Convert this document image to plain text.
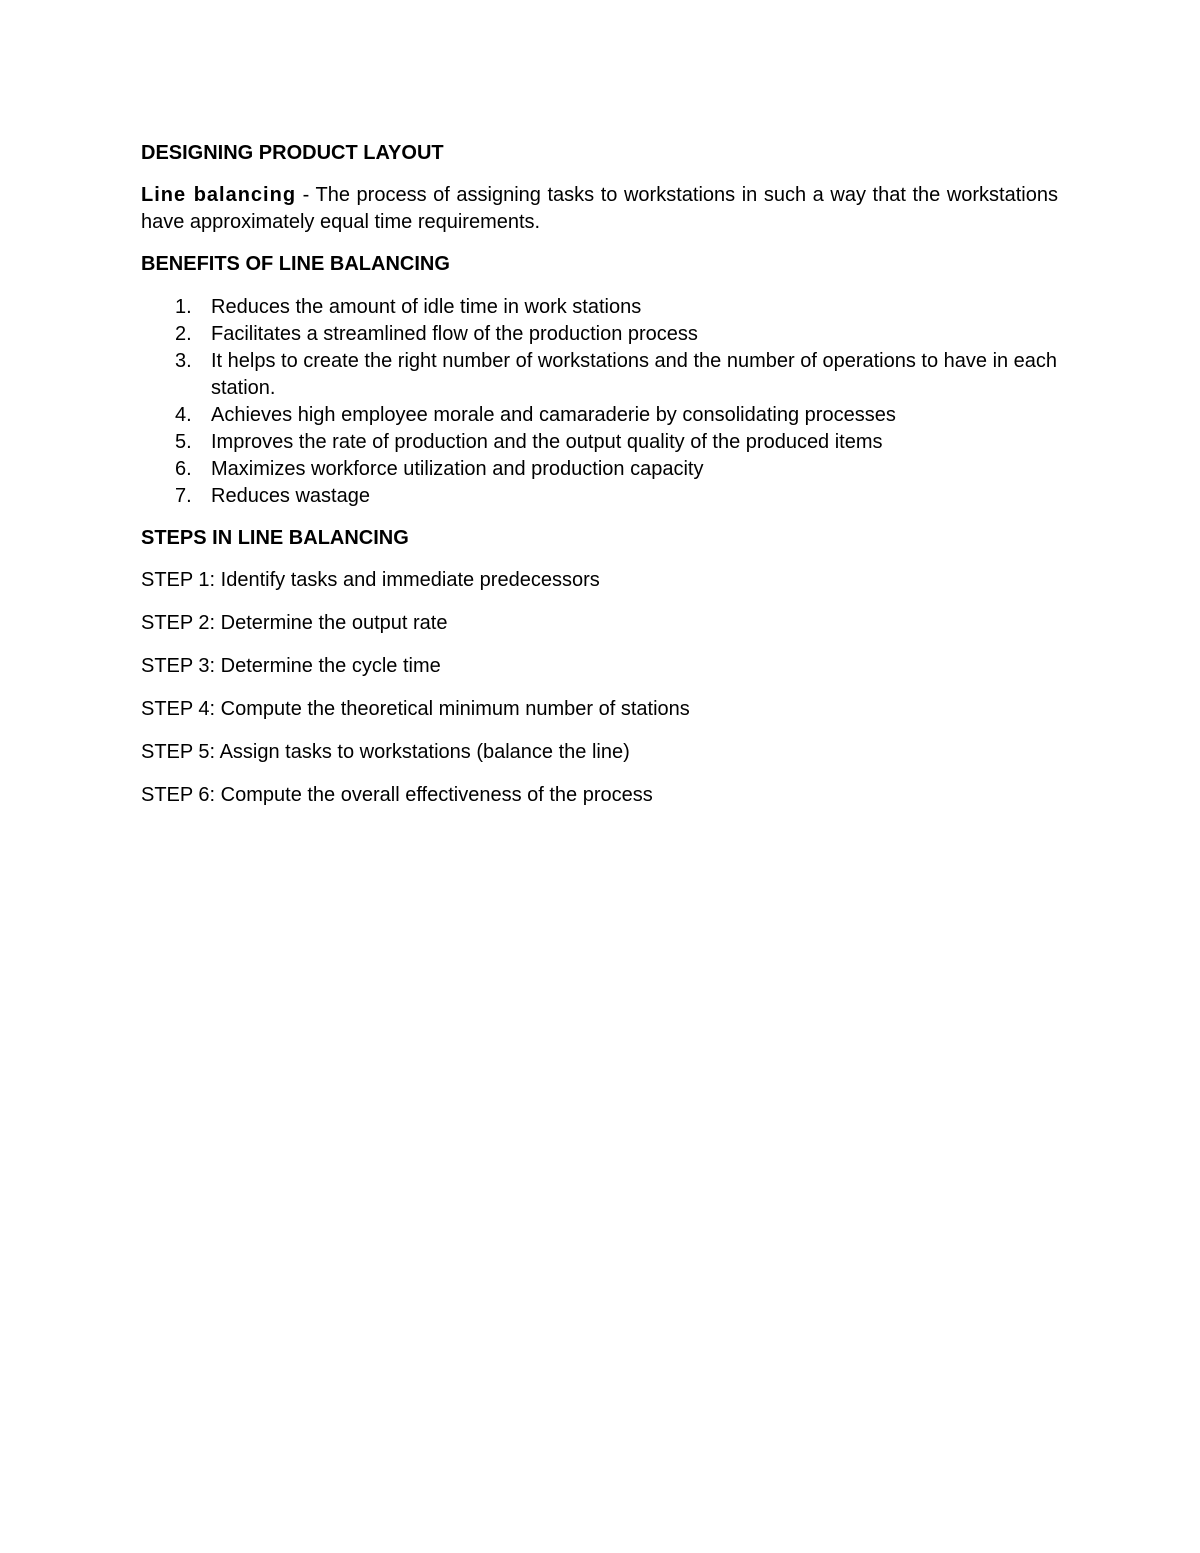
DESIGNING PRODUCT LAYOUT

Line balancing - The process of assigning tasks to workstations in such a way that the workstations have approximately equal time requirements.

BENEFITS OF LINE BALANCING

1. Reduces the amount of idle time in work stations
2. Facilitates a streamlined flow of the production process
3. It helps to create the right number of workstations and the number of operations to have in each station.
4. Achieves high employee morale and camaraderie by consolidating processes
5. Improves the rate of production and the output quality of the produced items
6. Maximizes workforce utilization and production capacity
7. Reduces wastage

STEPS IN LINE BALANCING

STEP 1: Identify tasks and immediate predecessors

STEP 2: Determine the output rate

STEP 3: Determine the cycle time

STEP 4: Compute the theoretical minimum number of stations

STEP 5: Assign tasks to workstations (balance the line)

STEP 6: Compute the overall effectiveness of the process
